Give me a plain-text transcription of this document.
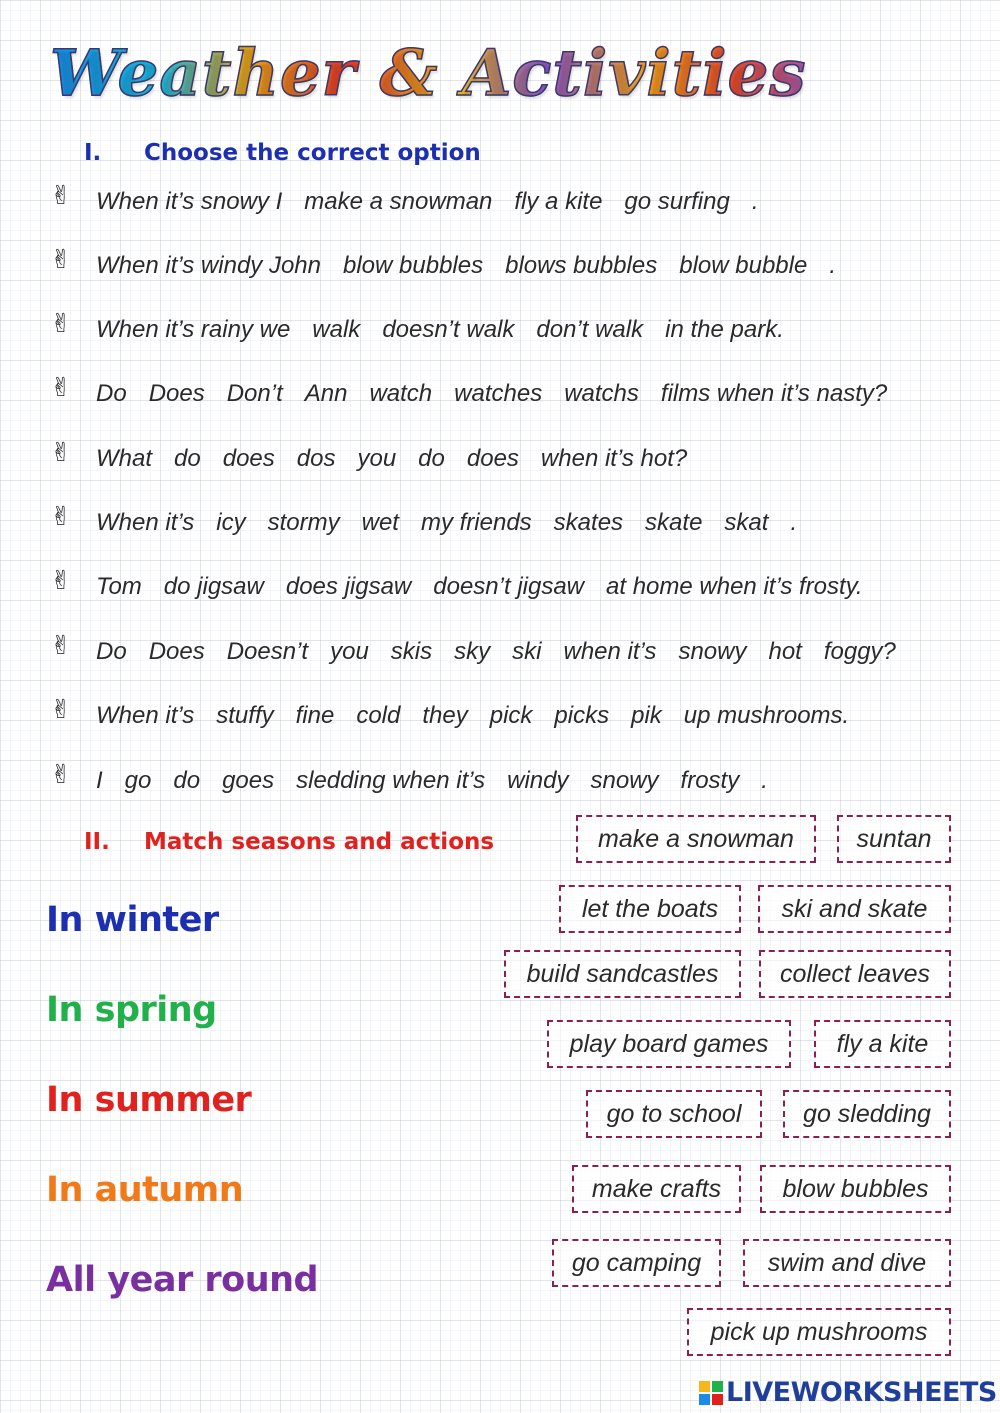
Weather & Activities
I. Choose the correct option
✌ When it’s snowy I make a snowman fly a kite go surfing .
✌ When it’s windy John blow bubbles blows bubbles blow bubble .
✌ When it’s rainy we walk doesn’t walk don’t walk in the park.
✌ Do Does Don’t Ann watch watches watchs films when it’s nasty?
✌ What do does dos you do does when it’s hot?
✌ When it’s icy stormy wet my friends skates skate skat .
✌ Tom do jigsaw does jigsaw doesn’t jigsaw at home when it’s frosty.
✌ Do Does Doesn’t you skis sky ski when it’s snowy hot foggy?
✌ When it’s stuffy fine cold they pick picks pik up mushrooms.
✌ I go do goes sledding when it’s windy snowy frosty .
II. Match seasons and actions
In winter
In spring
In summer
In autumn
All year round
make a snowman	suntan
let the boats	ski and skate
build sandcastles	collect leaves
play board games	fly a kite
go to school	go sledding
make crafts	blow bubbles
go camping	swim and dive
pick up mushrooms
LIVEWORKSHEETS
